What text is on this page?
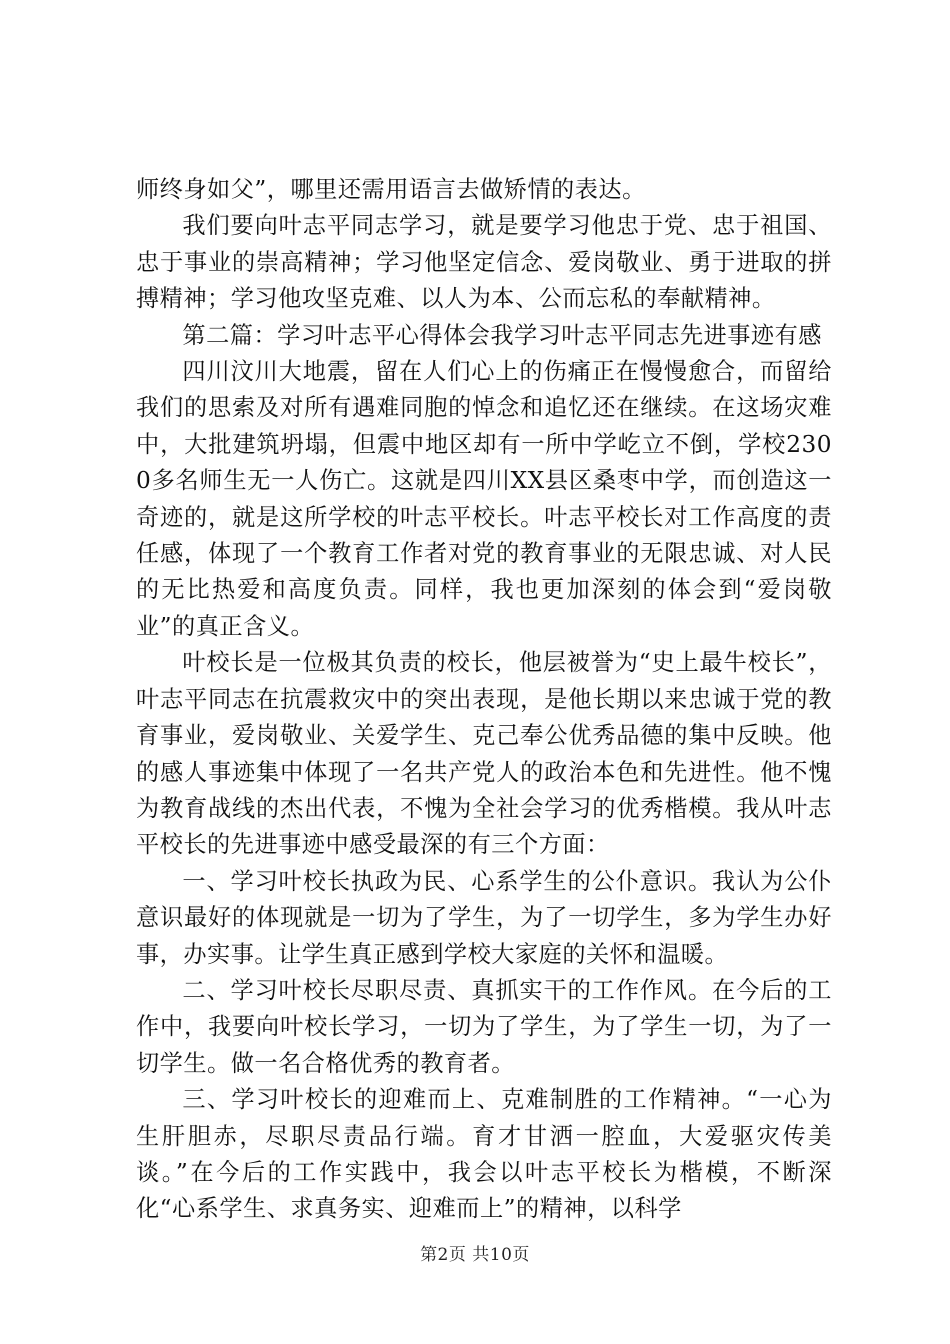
师终身如父”，哪里还需用语言去做矫情的表达。

我们要向叶志平同志学习，就是要学习他忠于党、忠于祖国、忠于事业的崇高精神；学习他坚定信念、爱岗敬业、勇于进取的拼搏精神；学习他攻坚克难、以人为本、公而忘私的奉献精神。

第二篇：学习叶志平心得体会我学习叶志平同志先进事迹有感

四川汶川大地震，留在人们心上的伤痛正在慢慢愈合，而留给我们的思索及对所有遇难同胞的悼念和追忆还在继续。在这场灾难中，大批建筑坍塌，但震中地区却有一所中学屹立不倒，学校2300多名师生无一人伤亡。这就是四川XX县区桑枣中学，而创造这一奇迹的，就是这所学校的叶志平校长。叶志平校长对工作高度的责任感，体现了一个教育工作者对党的教育事业的无限忠诚、对人民的无比热爱和高度负责。同样，我也更加深刻的体会到“爱岗敬业”的真正含义。

叶校长是一位极其负责的校长，他层被誉为“史上最牛校长”，叶志平同志在抗震救灾中的突出表现，是他长期以来忠诚于党的教育事业，爱岗敬业、关爱学生、克己奉公优秀品德的集中反映。他的感人事迹集中体现了一名共产党人的政治本色和先进性。他不愧为教育战线的杰出代表，不愧为全社会学习的优秀楷模。我从叶志平校长的先进事迹中感受最深的有三个方面：

一、学习叶校长执政为民、心系学生的公仆意识。我认为公仆意识最好的体现就是一切为了学生，为了一切学生，多为学生办好事，办实事。让学生真正感到学校大家庭的关怀和温暖。

二、学习叶校长尽职尽责、真抓实干的工作作风。在今后的工作中，我要向叶校长学习，一切为了学生，为了学生一切，为了一切学生。做一名合格优秀的教育者。

三、学习叶校长的迎难而上、克难制胜的工作精神。“一心为生肝胆赤，尽职尽责品行端。育才甘洒一腔血，大爱驱灾传美谈。”在今后的工作实践中，我会以叶志平校长为楷模，不断深化“心系学生、求真务实、迎难而上”的精神，以科学

第2页 共10页
